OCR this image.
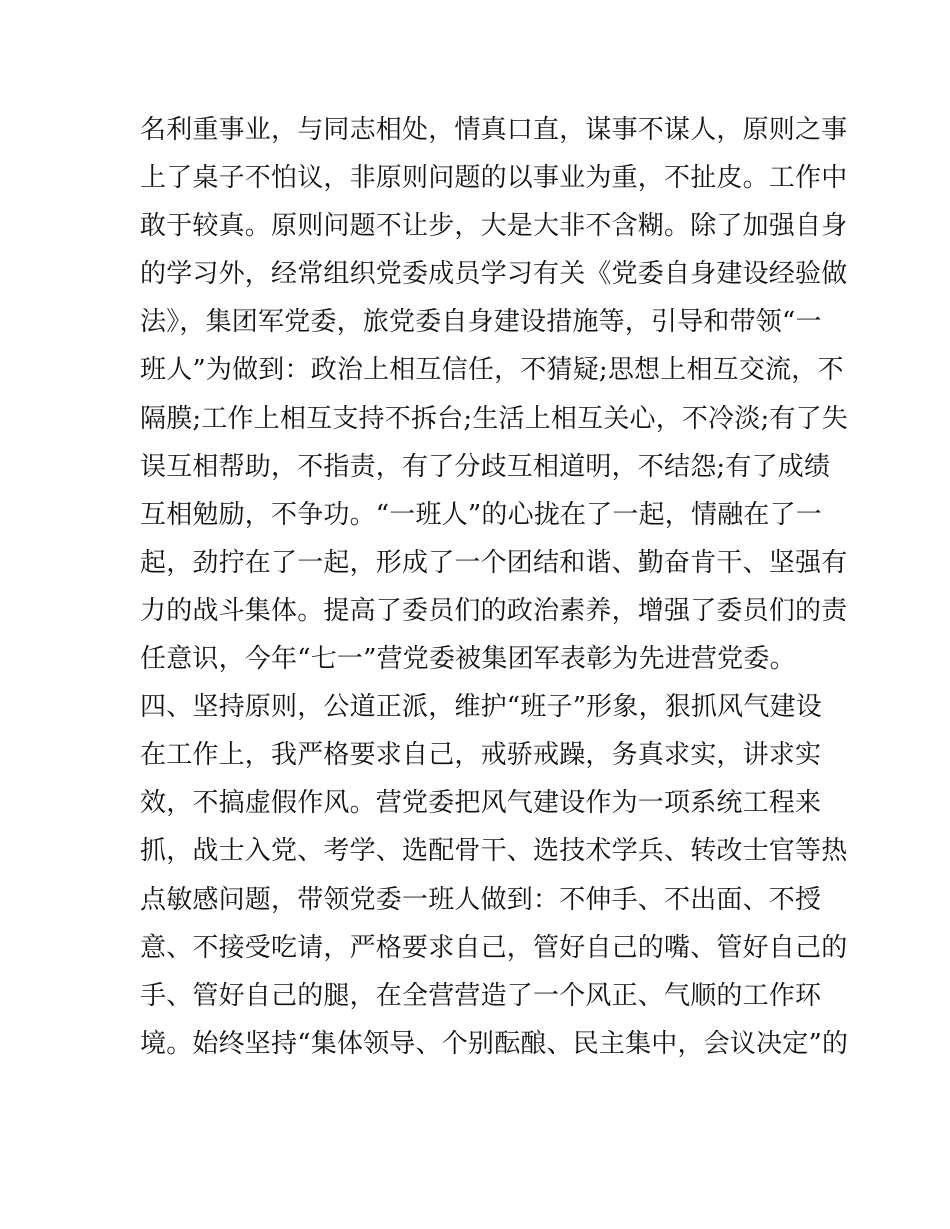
名利重事业，与同志相处，情真口直，谋事不谋人，原则之事
上了桌子不怕议，非原则问题的以事业为重，不扯皮。工作中
敢于较真。原则问题不让步，大是大非不含糊。除了加强自身
的学习外，经常组织党委成员学习有关《党委自身建设经验做
法》，集团军党委，旅党委自身建设措施等，引导和带领“一
班人”为做到：政治上相互信任，不猜疑;思想上相互交流，不
隔膜;工作上相互支持不拆台;生活上相互关心，不冷淡;有了失
误互相帮助，不指责，有了分歧互相道明，不结怨;有了成绩
互相勉励，不争功。“一班人”的心拢在了一起，情融在了一
起，劲拧在了一起，形成了一个团结和谐、勤奋肯干、坚强有
力的战斗集体。提高了委员们的政治素养，增强了委员们的责
任意识，今年“七一”营党委被集团军表彰为先进营党委。
四、坚持原则，公道正派，维护“班子”形象，狠抓风气建设
在工作上，我严格要求自己，戒骄戒躁，务真求实，讲求实
效，不搞虚假作风。营党委把风气建设作为一项系统工程来
抓，战士入党、考学、选配骨干、选技术学兵、转改士官等热
点敏感问题，带领党委一班人做到：不伸手、不出面、不授
意、不接受吃请，严格要求自己，管好自己的嘴、管好自己的
手、管好自己的腿，在全营营造了一个风正、气顺的工作环
境。始终坚持“集体领导、个别酝酿、民主集中，会议决定”的
